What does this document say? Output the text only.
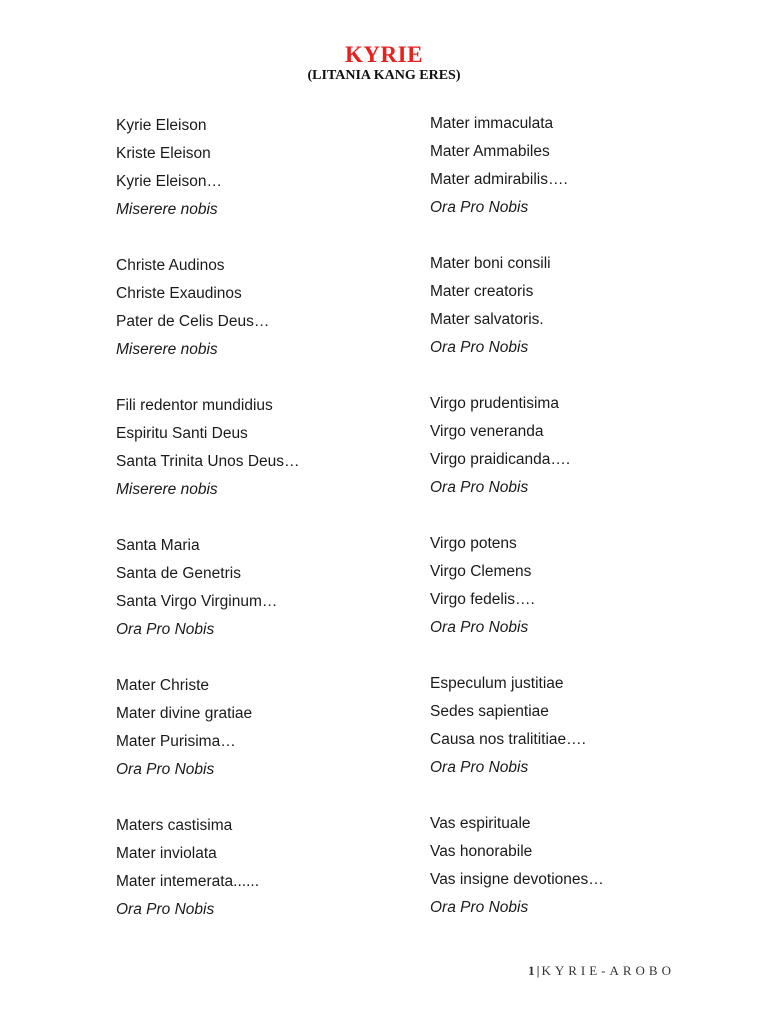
KYRIE
(LITANIA KANG ERES)
Kyrie Eleison
Kriste Eleison
Kyrie Eleison…
Miserere nobis
Christe Audinos
Christe Exaudinos
Pater de Celis Deus…
Miserere nobis
Fili redentor mundidius
Espiritu Santi Deus
Santa Trinita Unos Deus…
Miserere nobis
Santa Maria
Santa de Genetris
Santa Virgo Virginum…
Ora Pro Nobis
Mater Christe
Mater divine gratiae
Mater Purisima…
Ora Pro Nobis
Maters castisima
Mater inviolata
Mater intemerata......
Ora Pro Nobis
Mater immaculata
Mater Ammabiles
Mater admirabilis….
Ora Pro Nobis
Mater boni consili
Mater creatoris
Mater salvatoris.
Ora Pro Nobis
Virgo prudentisima
Virgo veneranda
Virgo praidicanda….
Ora Pro Nobis
Virgo potens
Virgo Clemens
Virgo fedelis….
Ora Pro Nobis
Especulum justitiae
Sedes sapientiae
Causa nos tralititiae….
Ora Pro Nobis
Vas espirituale
Vas honorabile
Vas insigne devotiones…
Ora Pro Nobis
1 | KYRIE-AROBO
